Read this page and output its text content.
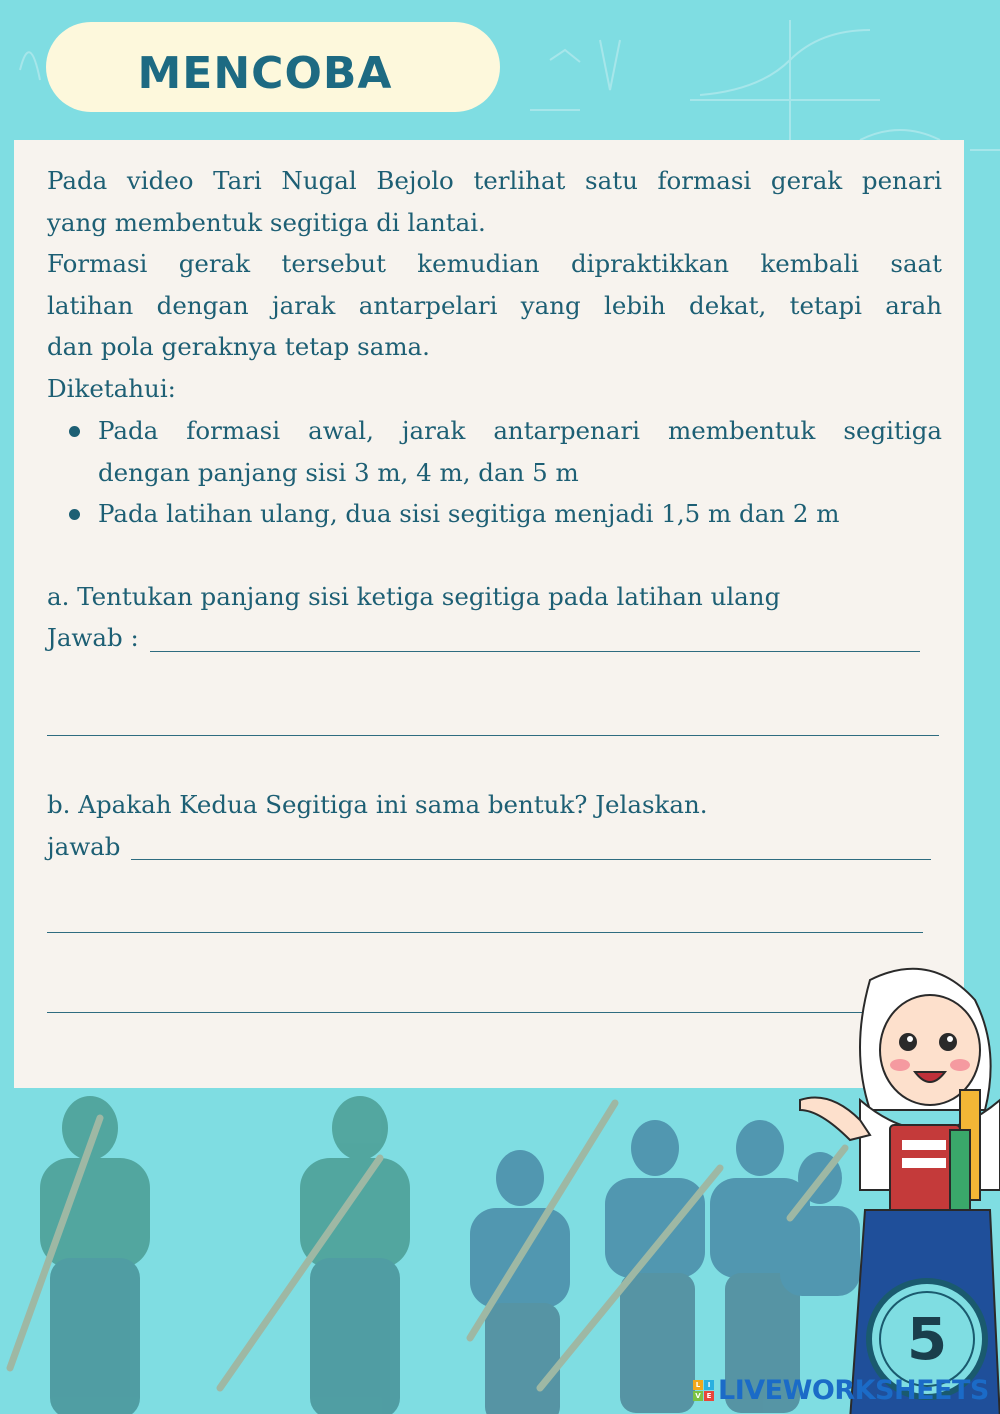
MENCOBA
Pada video Tari Nugal Bejolo terlihat satu formasi gerak penari
yang membentuk segitiga di lantai.
Formasi gerak tersebut kemudian dipraktikkan kembali saat
latihan dengan jarak antarpelari yang lebih dekat, tetapi arah
dan pola geraknya tetap sama.
Diketahui:
Pada formasi awal, jarak antarpenari membentuk segitiga
dengan panjang sisi 3 m, 4 m, dan 5 m
Pada latihan ulang, dua sisi segitiga menjadi 1,5 m dan 2 m
a. Tentukan panjang sisi ketiga segitiga pada latihan ulang
Jawab :
b. Apakah Kedua Segitiga ini sama bentuk? Jelaskan.
jawab
5
L	I
V E LIVEWORKSHEETS
